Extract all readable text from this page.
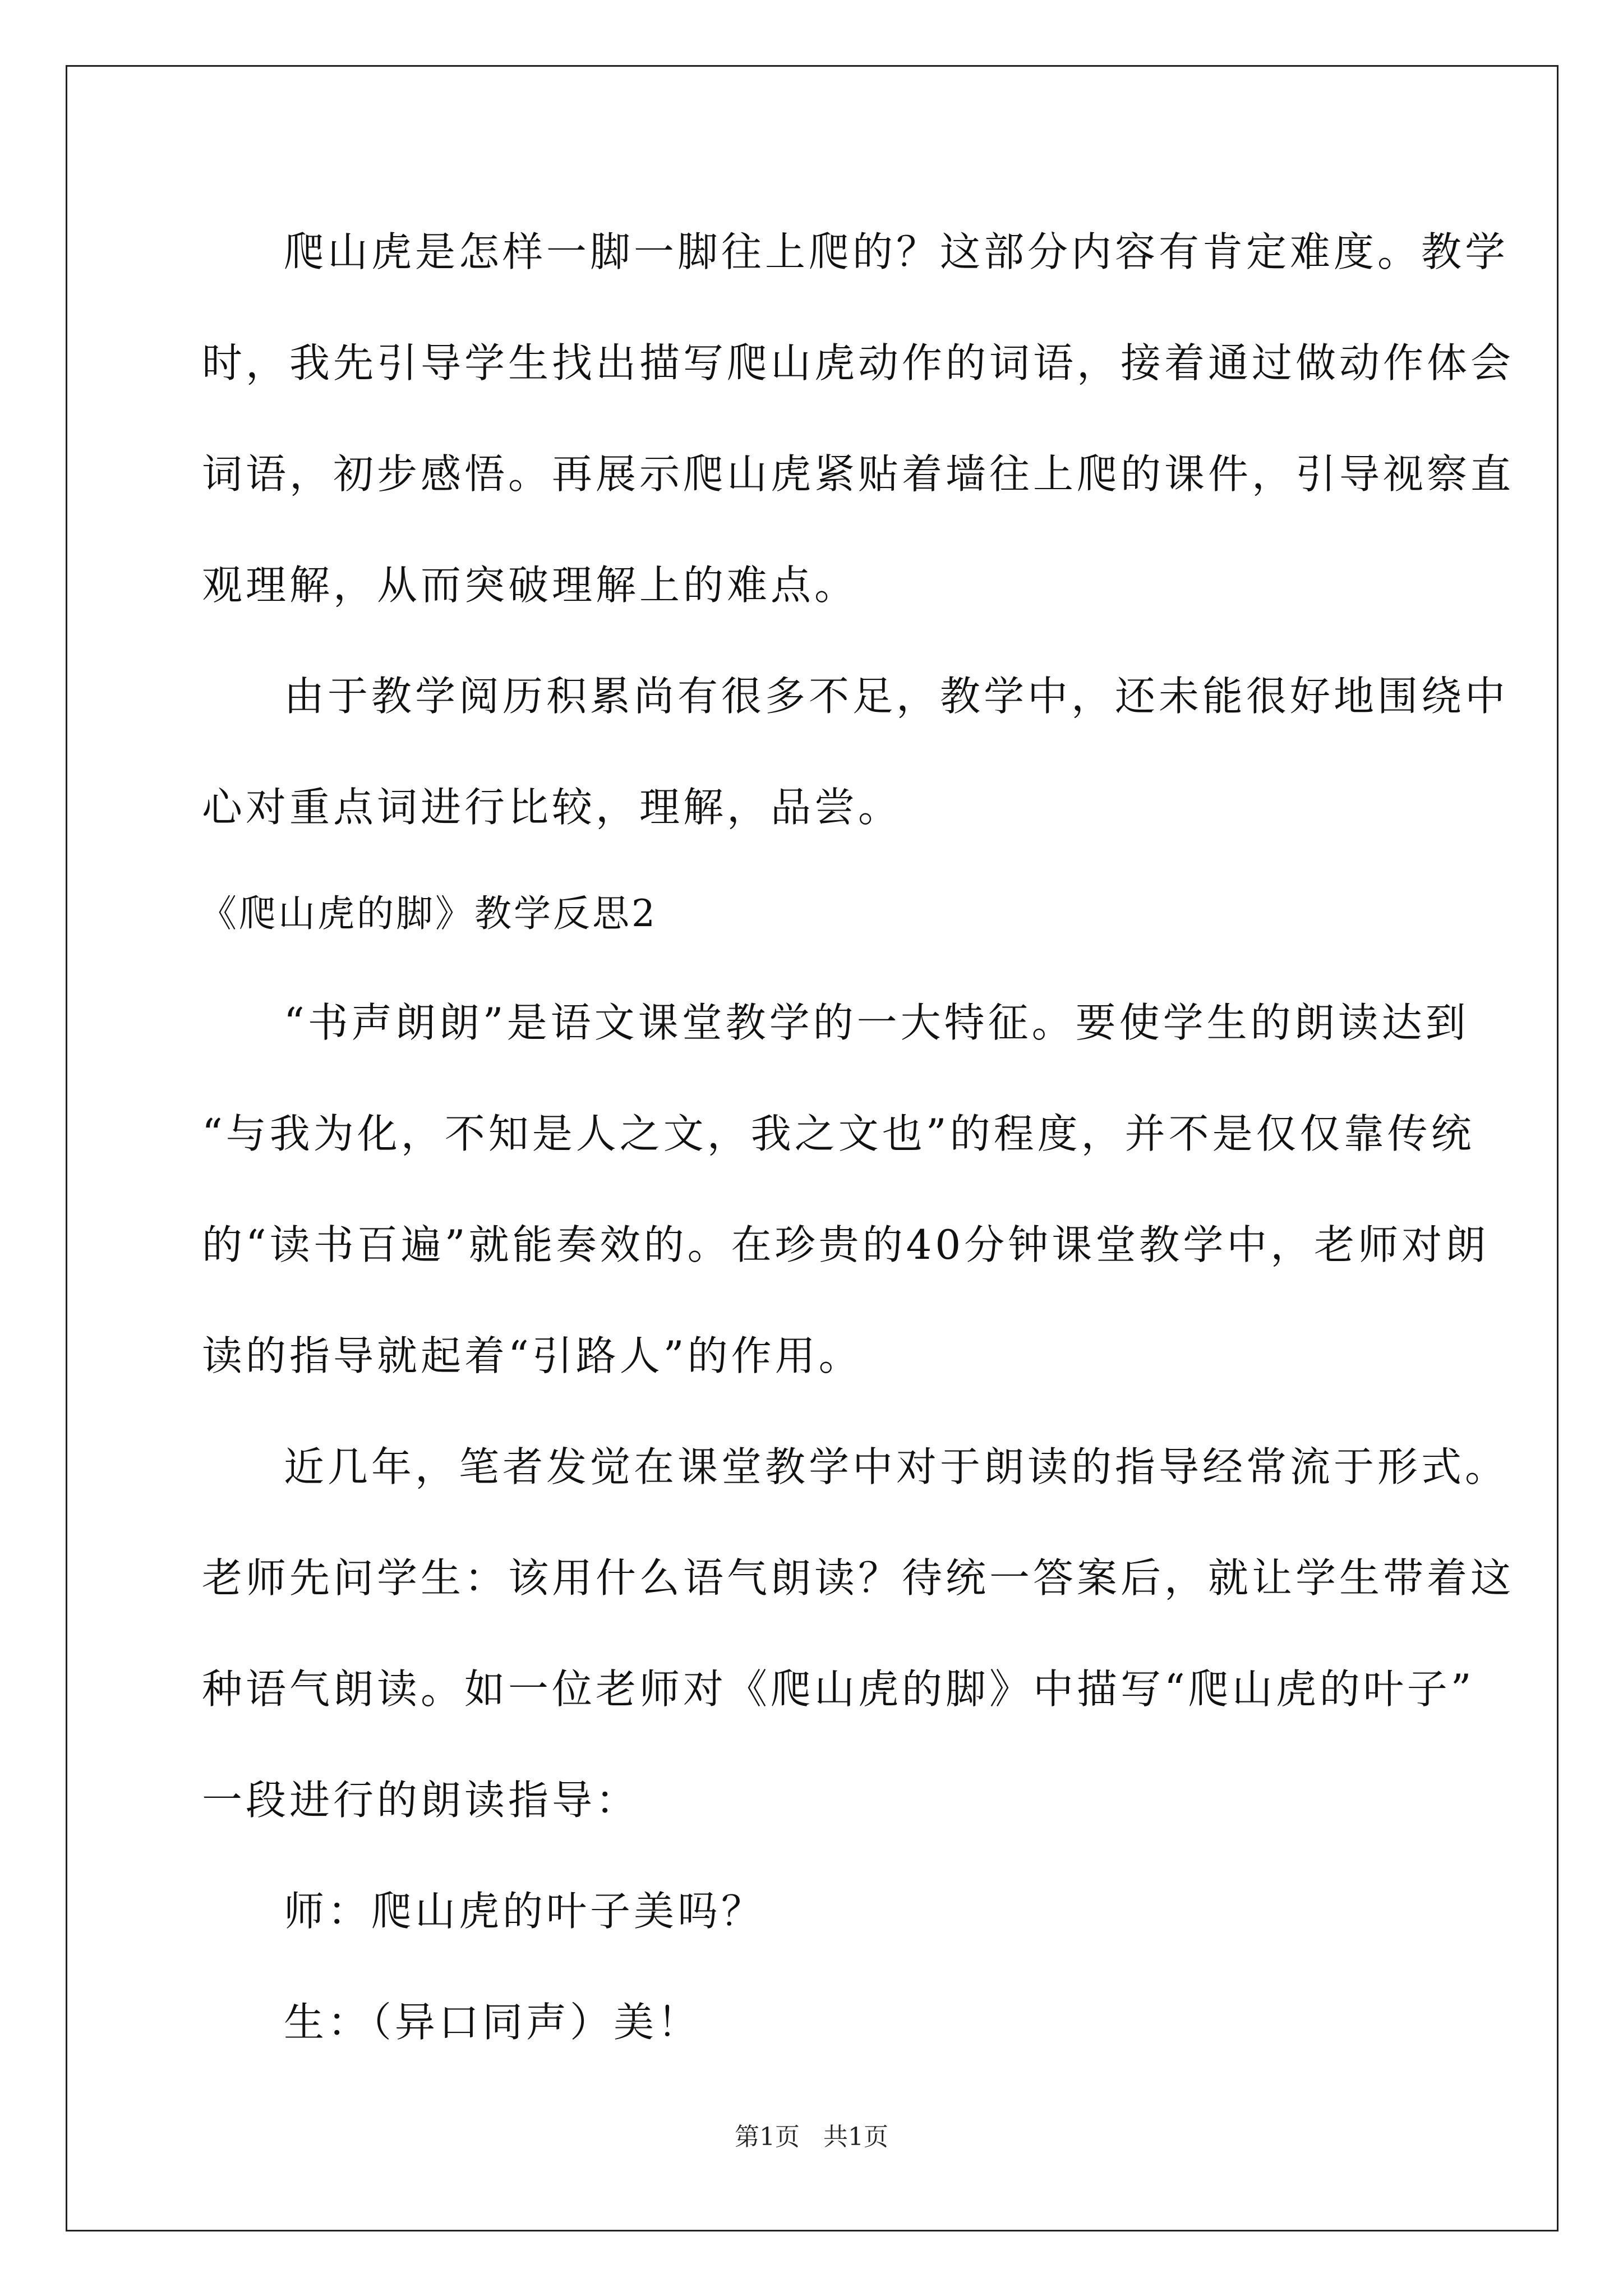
爬山虎是怎样一脚一脚往上爬的？这部分内容有肯定难度。教学
时，我先引导学生找出描写爬山虎动作的词语，接着通过做动作体会
词语，初步感悟。再展示爬山虎紧贴着墙往上爬的课件，引导视察直
观理解，从而突破理解上的难点。
由于教学阅历积累尚有很多不足，教学中，还未能很好地围绕中
心对重点词进行比较，理解，品尝。
《爬山虎的脚》教学反思2
“书声朗朗”是语文课堂教学的一大特征。要使学生的朗读达到
“与我为化，不知是人之文，我之文也”的程度，并不是仅仅靠传统
的“读书百遍”就能奏效的。在珍贵的40分钟课堂教学中，老师对朗
读的指导就起着“引路人”的作用。
近几年，笔者发觉在课堂教学中对于朗读的指导经常流于形式。
老师先问学生：该用什么语气朗读？待统一答案后，就让学生带着这
种语气朗读。如一位老师对《爬山虎的脚》中描写“爬山虎的叶子”
一段进行的朗读指导：
师：爬山虎的叶子美吗？
生：（异口同声）美！
第1页 共1页
